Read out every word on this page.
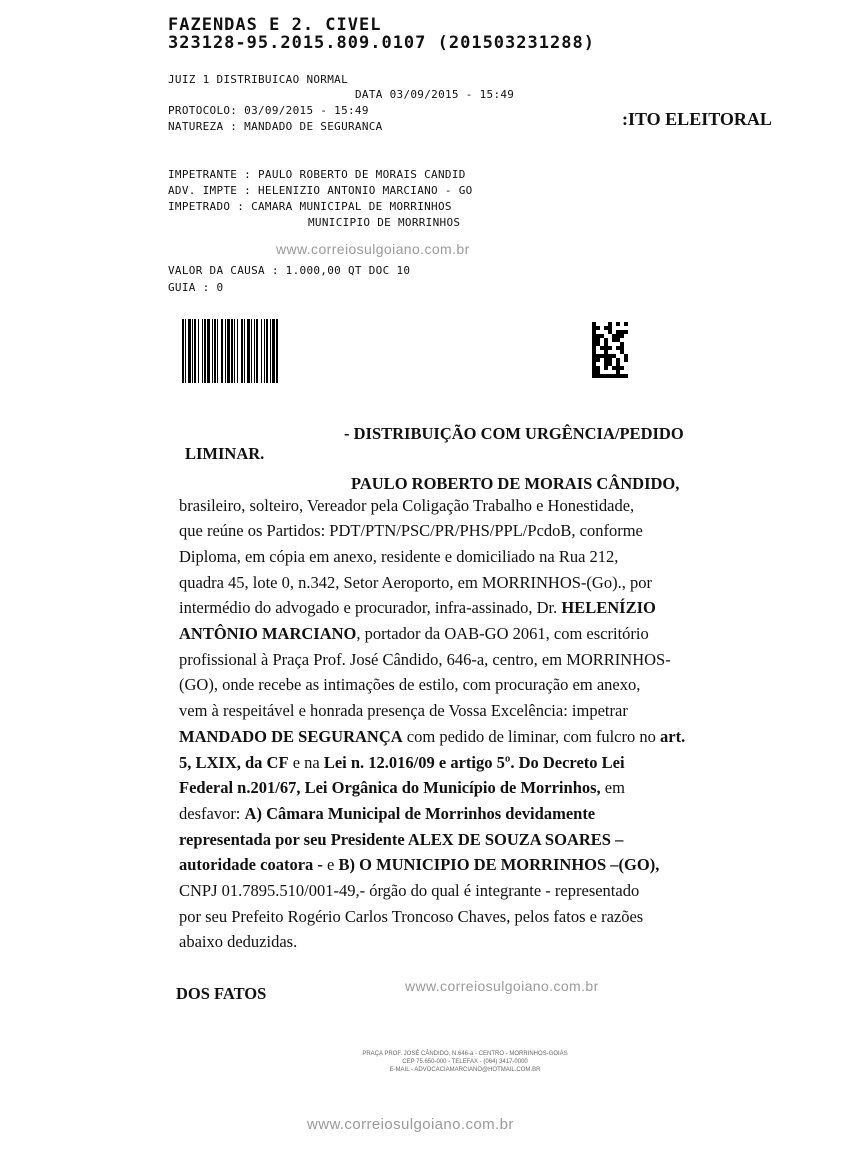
FAZENDAS E 2. CIVEL
323128-95.2015.809.0107 (201503231288)
JUIZ 1 DISTRIBUICAO NORMAL
DATA 03/09/2015 - 15:49
PROTOCOLO: 03/09/2015 - 15:49
NATUREZA : MANDADO DE SEGURANCA	:ITO ELEITORAL
IMPETRANTE : PAULO ROBERTO DE MORAIS CANDID
ADV. IMPTE : HELENIZIO ANTONIO MARCIANO - GO
IMPETRADO : CAMARA MUNICIPAL DE MORRINHOS
MUNICIPIO DE MORRINHOS
www.correiosulgoiano.com.br
VALOR DA CAUSA : 1.000,00 QT DOC 10
GUIA : 0
- DISTRIBUIÇÃO COM URGÊNCIA/PEDIDO
LIMINAR.
PAULO ROBERTO DE MORAIS CÂNDIDO,
brasileiro, solteiro, Vereador pela Coligação Trabalho e Honestidade,
que reúne os Partidos: PDT/PTN/PSC/PR/PHS/PPL/PcdoB, conforme
Diploma, em cópia em anexo, residente e domiciliado na Rua 212,
quadra 45, lote 0, n.342, Setor Aeroporto, em MORRINHOS-(Go)., por
intermédio do advogado e procurador, infra-assinado, Dr. HELENÍZIO
ANTÔNIO MARCIANO, portador da OAB-GO 2061, com escritório
profissional à Praça Prof. José Cândido, 646-a, centro, em MORRINHOS-
(GO), onde recebe as intimações de estilo, com procuração em anexo,
vem à respeitável e honrada presença de Vossa Excelência: impetrar
MANDADO DE SEGURANÇA com pedido de liminar, com fulcro no art.
5, LXIX, da CF e na Lei n. 12.016/09 e artigo 5º. Do Decreto Lei
Federal n.201/67, Lei Orgânica do Município de Morrinhos, em
desfavor: A) Câmara Municipal de Morrinhos devidamente
representada por seu Presidente ALEX DE SOUZA SOARES –
autoridade coatora - e B) O MUNICIPIO DE MORRINHOS –(GO),
CNPJ 01.7895.510/001-49,- órgão do qual é integrante - representado
por seu Prefeito Rogério Carlos Troncoso Chaves, pelos fatos e razões
abaixo deduzidas.
DOS FATOS	www.correiosulgoiano.com.br
PRAÇA PROF. JOSÉ CÂNDIDO, N.646-a - CENTRO - MORRINHOS-GOIÁS
CEP 75.650-000 - TELEFAX - (064) 3417-0000
E-MAIL - ADVOCACIAMARCIANO@HOTMAIL.COM.BR
www.correiosulgoiano.com.br
